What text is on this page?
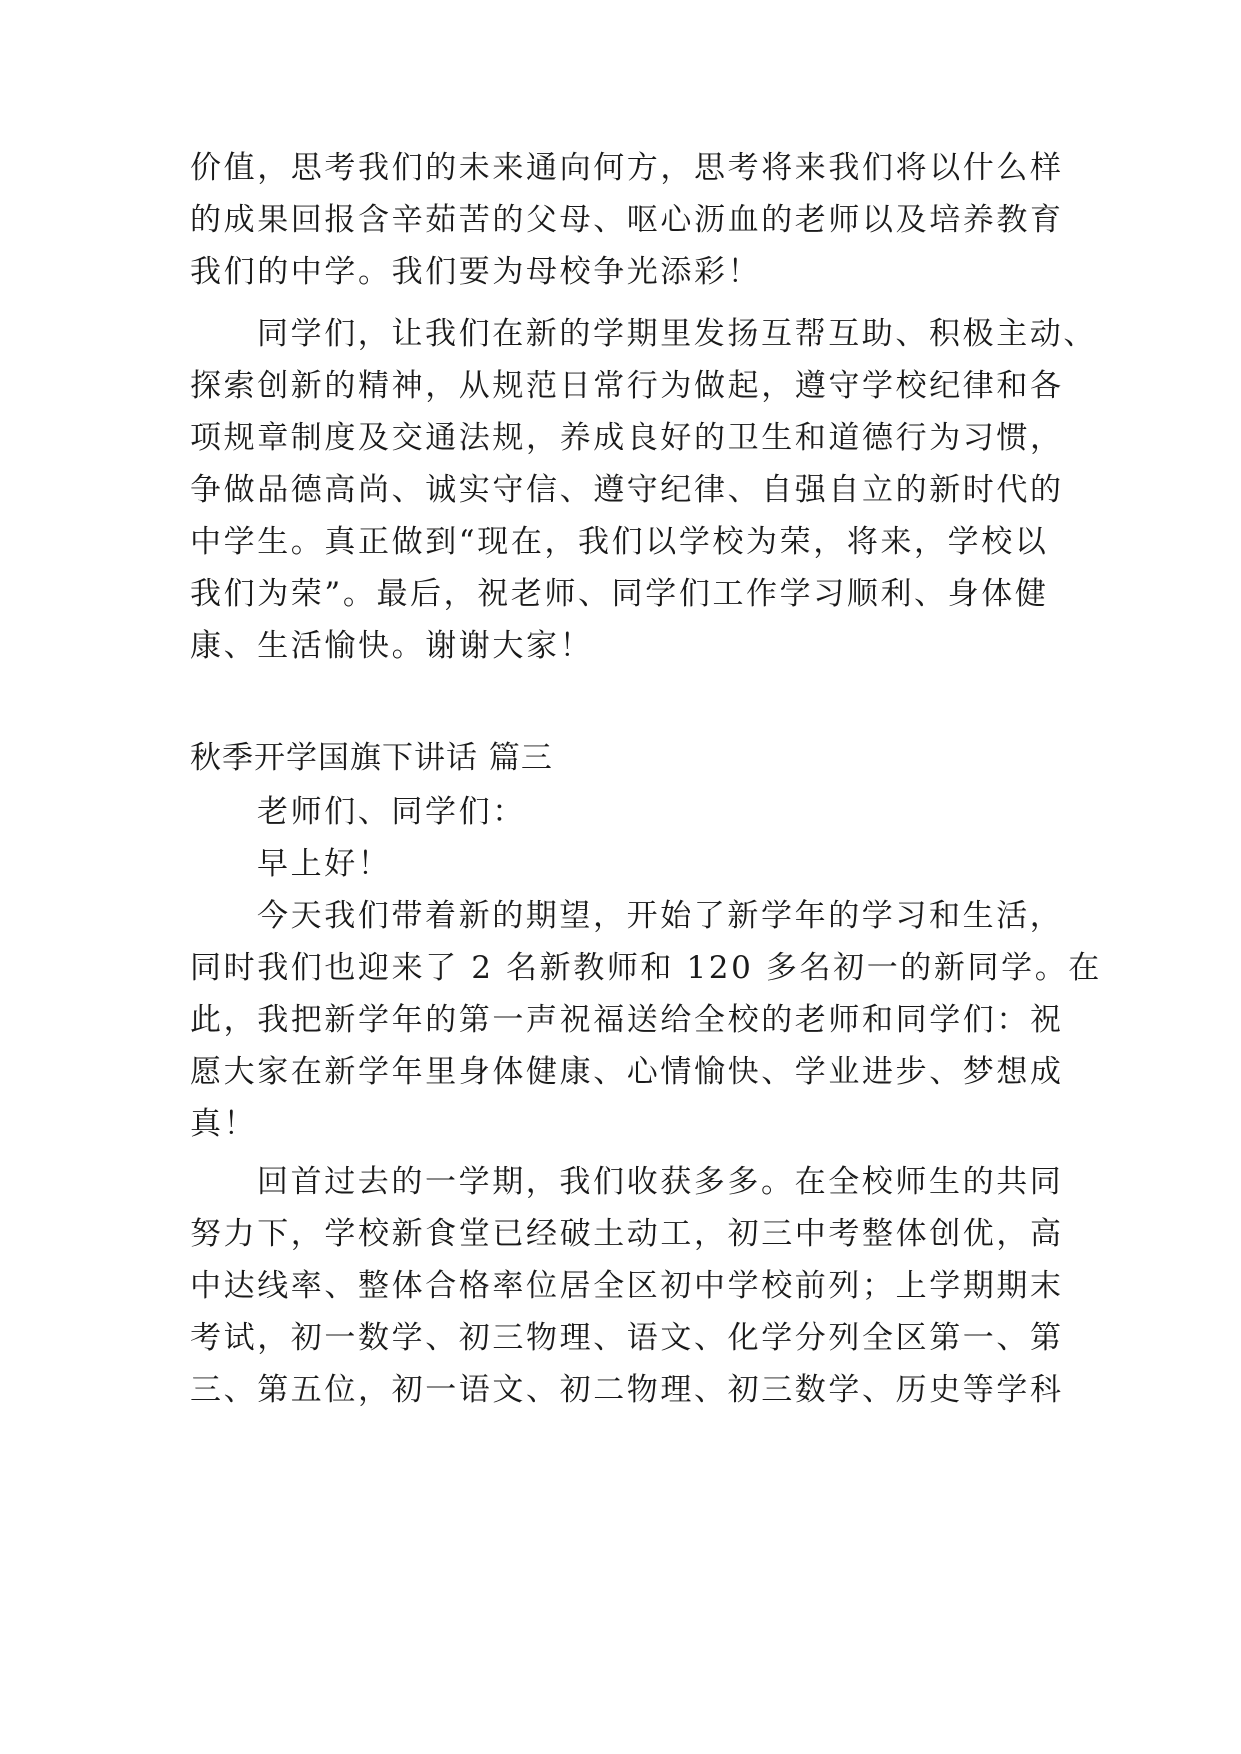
价值，思考我们的未来通向何方，思考将来我们将以什么样
的成果回报含辛茹苦的父母、呕心沥血的老师以及培养教育
我们的中学。我们要为母校争光添彩！
同学们，让我们在新的学期里发扬互帮互助、积极主动、
探索创新的精神，从规范日常行为做起，遵守学校纪律和各
项规章制度及交通法规，养成良好的卫生和道德行为习惯，
争做品德高尚、诚实守信、遵守纪律、自强自立的新时代的
中学生。真正做到“现在，我们以学校为荣，将来，学校以
我们为荣”。最后，祝老师、同学们工作学习顺利、身体健
康、生活愉快。谢谢大家！
秋季开学国旗下讲话 篇三
老师们、同学们：
早上好！
今天我们带着新的期望，开始了新学年的学习和生活，
同时我们也迎来了 2 名新教师和 120 多名初一的新同学。在
此，我把新学年的第一声祝福送给全校的老师和同学们：祝
愿大家在新学年里身体健康、心情愉快、学业进步、梦想成
真！
回首过去的一学期，我们收获多多。在全校师生的共同
努力下，学校新食堂已经破土动工，初三中考整体创优，高
中达线率、整体合格率位居全区初中学校前列；上学期期末
考试，初一数学、初三物理、语文、化学分列全区第一、第
三、第五位，初一语文、初二物理、初三数学、历史等学科
